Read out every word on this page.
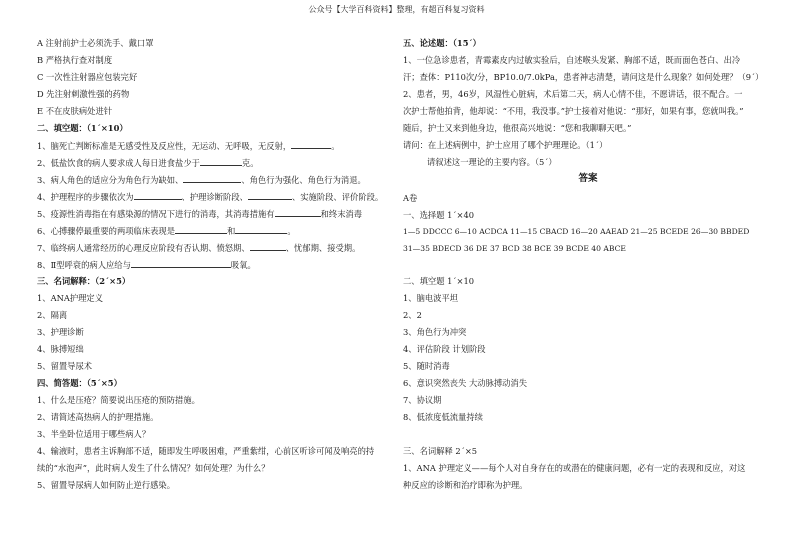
公众号【大学百科资料】整理，有超百科复习资料
A 注射前护士必须洗手、戴口罩
B 严格执行查对制度
C 一次性注射器应包装完好
D 先注射刺激性强的药物
E 不在皮肤病处进针
二、填空题：（1ˊ×10）
1、脑死亡判断标准是无感受性及反应性，无运动、无呼吸，无反射，	。
2、低盐饮食的病人要求成人每日进食盐少于	克。
3、病人角色的适应分为角色行为缺如、	、角色行为强化、角色行为消退。
4、护理程序的步骤依次为	、护理诊断阶段、	、实施阶段、评价阶段。
5、疫源性消毒指在有感染源的情况下进行的消毒，其消毒措施有	和终末消毒
6、心搏骤停最重要的两项临床表现是	和	。
7、临终病人通常经历的心理反应阶段有否认期、愤怒期、	、忧郁期、接受期。
8、Ⅱ型呼衰的病人应给与	吸氧。
三、名词解释：（2ˊ×5）
1、ANA护理定义
2、隔离
3、护理诊断
4、脉搏短绌
5、留置导尿术
四、简答题：（5ˊ×5）
1、什么是压疮？简要说出压疮的预防措施。
2、请简述高热病人的护理措施。
3、半坐卧位适用于哪些病人？
4、输液时，患者主诉胸部不适，随即发生呼吸困难，严重紫绀，心前区听诊可闻及响亮的持
续的“水泡声”，此时病人发生了什么情况？如何处理？为什么？
5、留置导尿病人如何防止逆行感染。
五、论述题：（15ˊ）
1、一位急诊患者，青霉素皮内过敏实验后，自述喉头发紧、胸部不适，既而面色苍白、出冷
汗；查体：P110次/分，BP10.0/7.0kPa，患者神志清楚，请问这是什么现象？如何处理？（9ˊ）
2、患者，男，46岁，风湿性心脏病，术后第二天，病人心情不佳，不愿讲话，很不配合。一
次护士帮他拍背，他却说：“不用，我没事。”护士接着对他说：“那好，如果有事，您就叫我。”
随后，护士又来到他身边，他很高兴地说：“您和我聊聊天吧。”
请问：在上述病例中，护士应用了哪个护理理论。（1ˊ）
请叙述这一理论的主要内容。（5ˊ）
答案
A卷
一、选择题 1ˊ×40
1—5 DDCCC 6—10 ACDCA 11—15 CBACD 16—20 AAEAD 21—25 BCEDE 26—30 BBDED
31—35 BDECD 36 DE 37 BCD 38 BCE 39 BCDE 40 ABCE
二、填空题 1ˊ×10
1、脑电波平坦
2、2
3、角色行为冲突
4、评估阶段 计划阶段
5、随时消毒
6、意识突然丧失 大动脉搏动消失
7、协议期
8、低浓度低流量持续
三、名词解释 2ˊ×5
1、ANA 护理定义——每个人对自身存在的或潜在的健康问题，必有一定的表现和反应，对这
种反应的诊断和治疗即称为护理。
